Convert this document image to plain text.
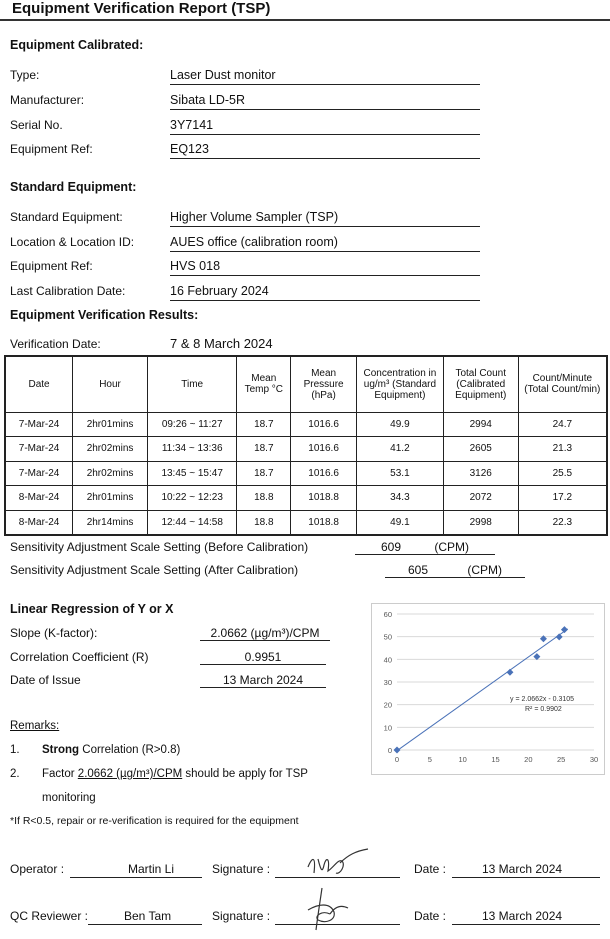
Equipment Verification Report (TSP)
Equipment Calibrated:
Type:	Laser Dust monitor
Manufacturer:	Sibata LD-5R
Serial No.	3Y7141
Equipment Ref:	EQ123
Standard Equipment:
Standard Equipment:	Higher Volume Sampler (TSP)
Location & Location ID:	AUES office (calibration room)
Equipment Ref:	HVS 018
Last Calibration Date:	16 February 2024
Equipment Verification Results:
Verification Date:	7 & 8 March 2024
Date	Hour	Time	Mean Temp °C	Mean Pressure (hPa)	Concentration in ug/m³ (Standard Equipment)	Total Count (Calibrated Equipment)	Count/Minute (Total Count/min)
7-Mar-24	2hr01mins	09:26 ~ 11:27	18.7	1016.6	49.9	2994	24.7
7-Mar-24	2hr02mins	11:34 ~ 13:36	18.7	1016.6	41.2	2605	21.3
7-Mar-24	2hr02mins	13:45 ~ 15:47	18.7	1016.6	53.1	3126	25.5
8-Mar-24	2hr01mins	10:22 ~ 12:23	18.8	1018.8	34.3	2072	17.2
8-Mar-24	2hr14mins	12:44 ~ 14:58	18.8	1018.8	49.1	2998	22.3
Sensitivity Adjustment Scale Setting (Before Calibration)	609	(CPM)
Sensitivity Adjustment Scale Setting (After Calibration)	605	(CPM)
Linear Regression of Y or X
Slope (K-factor):	2.0662 (µg/m³)/CPM
Correlation Coefficient (R)	0.9951
Date of Issue	13 March 2024
0
10
20
30
40
50
60
0	5	10	15	20	25	30
y = 2.0662x - 0.3105
R² = 0.9902
Remarks:
1. Strong Correlation (R>0.8)
2. Factor 2.0662 (µg/m³)/CPM should be apply for TSP
monitoring
*If R<0.5, repair or re-verification is required for the equipment
Operator :	Martin Li	Signature :	Date :	13 March 2024
QC Reviewer :	Ben Tam	Signature :	Date :	13 March 2024
